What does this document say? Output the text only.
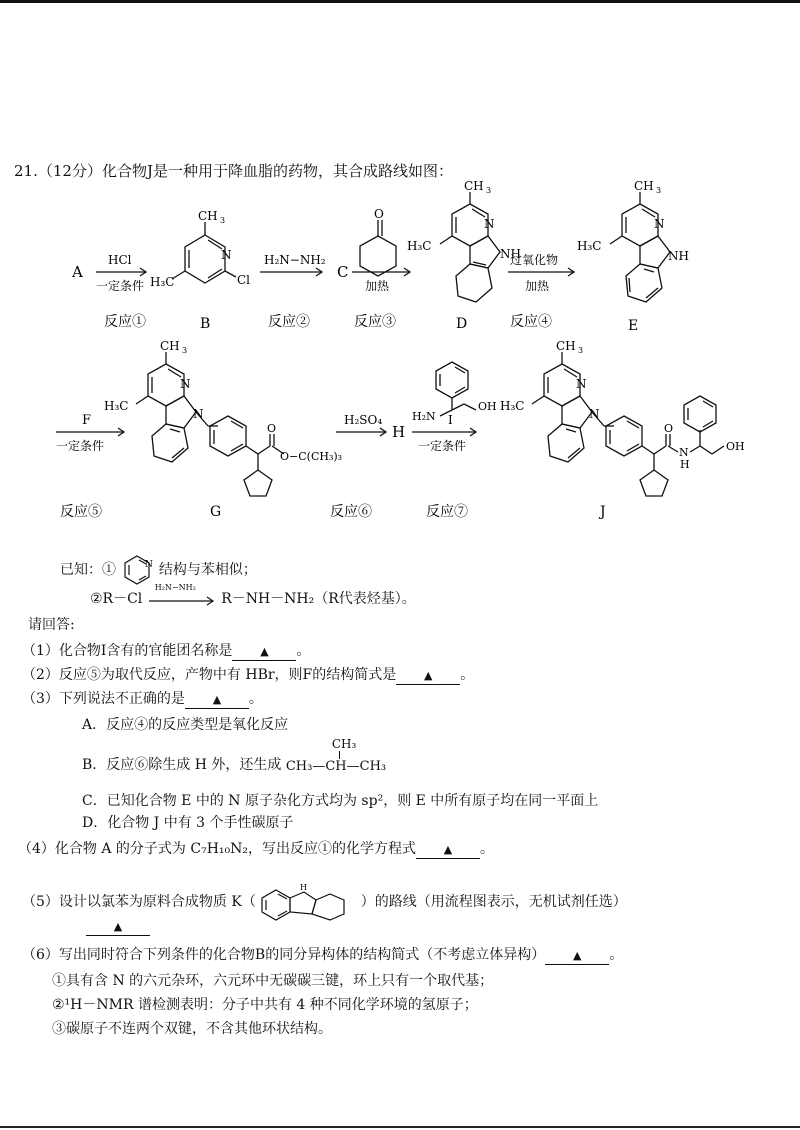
21.（12分）化合物J是一种用于降血脂的药物，其合成路线如图：
A
HCl
一定条件
CH 3
H₃C
N
Cl
H₂N−NH₂
C
O
加热
CH 3
H₃C
N
NH
过氧化物
加热
CH 3
H₃C
N
NH
B	D	E
反应①	反应②	反应③	反应④
F
一定条件
CH 3
H₃C
N
N
O
O−C(CH₃)₃
G
H₂SO₄
H
H₂N
OH
I
一定条件
CH 3
H₃C
N
N
O
N
H
OH
J
反应⑤	反应⑥	反应⑦
已知：①	N 结构与苯相似；
②R－Cl
H₂N−NH₂
R－NH－NH₂（R代表烃基）。
请回答:
（1）化合物I含有的官能团名称是	▲ 。
（2）反应⑤为取代反应，产物中有 HBr，则F的结构简式是	▲ 。
（3）下列说法不正确的是	▲ 。
A．反应④的反应类型是氧化反应
B．反应⑥除生成 H 外，还生成
CH₃
CH₃—CH—CH₃
C．已知化合物 E 中的 N 原子杂化方式均为 sp²，则 E 中所有原子均在同一平面上
D．化合物 J 中有 3 个手性碳原子
（4）化合物 A 的分子式为 C₇H₁₀N₂，写出反应①的化学方程式	▲ 。
（5）设计以氯苯为原料合成物质 K（
H
）的路线（用流程图表示，无机试剂任选）
▲
（6）写出同时符合下列条件的化合物B的同分异构体的结构简式（不考虑立体异构）	▲ 。
①具有含 N 的六元杂环，六元环中无碳碳三键，环上只有一个取代基；
②¹H－NMR 谱检测表明：分子中共有 4 种不同化学环境的氢原子；
③碳原子不连两个双键，不含其他环状结构。
